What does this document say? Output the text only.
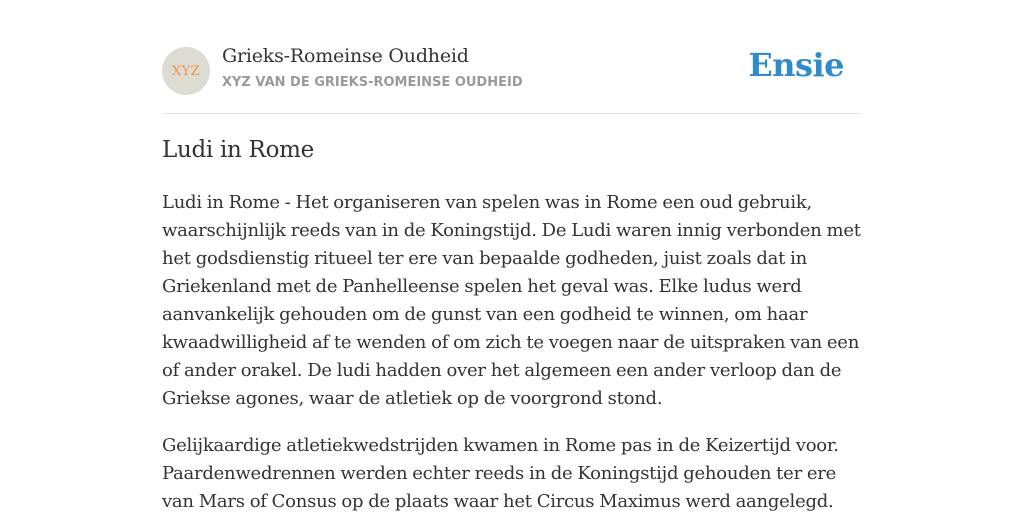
XYZ
Grieks-Romeinse Oudheid
XYZ VAN DE GRIEKS-ROMEINSE OUDHEID	Ensie
Ludi in Rome

Ludi in Rome - Het organiseren van spelen was in Rome een oud gebruik, waarschijnlijk reeds van in de Koningstijd. De Ludi waren innig verbonden met het godsdienstig ritueel ter ere van bepaalde godheden, juist zoals dat in Griekenland met de Panhelleense spelen het geval was. Elke ludus werd aanvankelijk gehouden om de gunst van een godheid te winnen, om haar kwaadwilligheid af te wenden of om zich te voegen naar de uitspraken van een of ander orakel. De ludi hadden over het algemeen een ander verloop dan de Griekse agones, waar de atletiek op de voorgrond stond.

Gelijkaardige atletiekwedstrijden kwamen in Rome pas in de Keizertijd voor. Paardenwedrennen werden echter reeds in de Koningstijd gehouden ter ere van Mars of Consus op de plaats waar het Circus Maximus werd aangelegd.
